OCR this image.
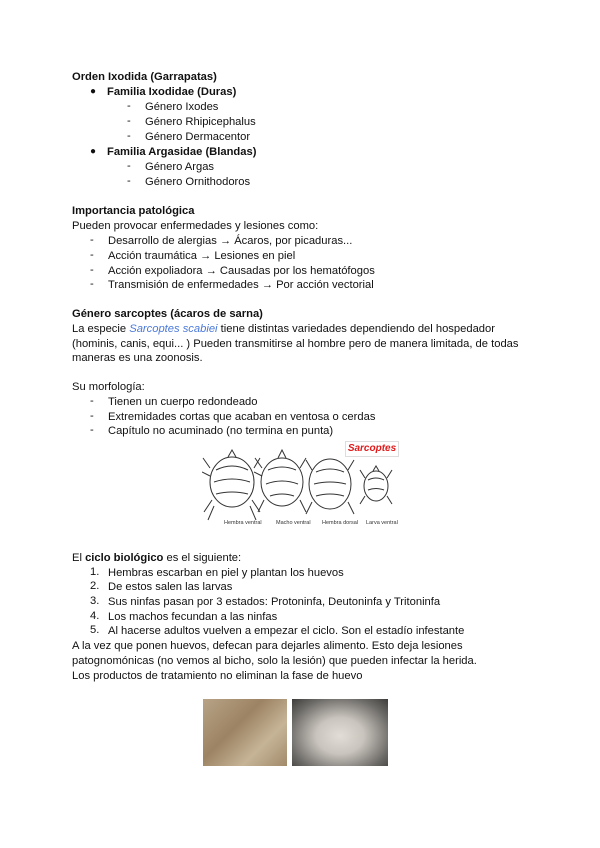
Orden Ixodida (Garrapatas)
● Familia Ixodidae (Duras)
- Género Ixodes
- Género Rhipicephalus
- Género Dermacentor
● Familia Argasidae (Blandas)
- Género Argas
- Género Ornithodoros
Importancia patológica
Pueden provocar enfermedades y lesiones como:
- Desarrollo de alergias → Ácaros, por picaduras...
- Acción traumática → Lesiones en piel
- Acción expoliadora → Causadas por los hematófogos
- Transmisión de enfermedades → Por acción vectorial
Género sarcoptes (ácaros de sarna)
La especie Sarcoptes scabiei tiene distintas variedades dependiendo del hospedador
(hominis, canis, equi... ) Pueden transmitirse al hombre pero de manera limitada, de todas
maneras es una zoonosis.
Su morfología:
- Tienen un cuerpo redondeado
- Extremidades cortas que acaban en ventosa o cerdas
- Capítulo no acuminado (no termina en punta)
Hembra ventral	Macho ventral Hembra dorsal Larva ventral
Sarcoptes
El ciclo biológico es el siguiente:
1. Hembras escarban en piel y plantan los huevos
2. De estos salen las larvas
3. Sus ninfas pasan por 3 estados: Protoninfa, Deutoninfa y Tritoninfa
4. Los machos fecundan a las ninfas
5. Al hacerse adultos vuelven a empezar el ciclo. Son el estadío infestante
A la vez que ponen huevos, defecan para dejarles alimento. Esto deja lesiones
patognomónicas (no vemos al bicho, solo la lesión) que pueden infectar la herida.
Los productos de tratamiento no eliminan la fase de huevo
